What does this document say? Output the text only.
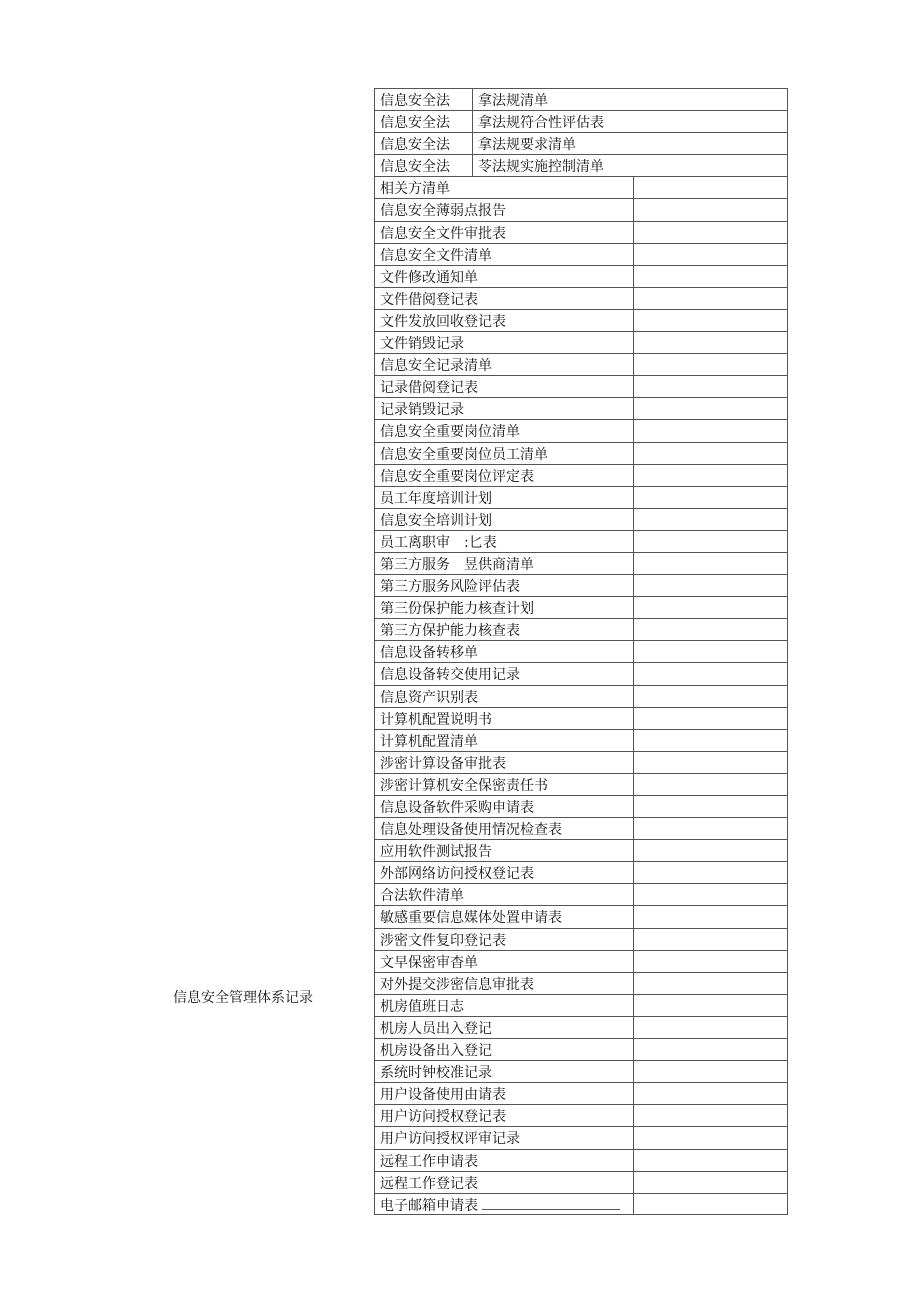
信息安全管理体系记录
信息安全法	拿法规清单
信息安全法	拿法规符合性评估表
信息安全法	拿法规要求清单
信息安全法	苓法规实施控制清单
相关方清单
信息安全薄弱点报告
信息安全文件审批表
信息安全文件清单
文件修改通知单
文件借阅登记表
文件发放回收登记表
文件销毁记录
信息安全记录清单
记录借阅登记表
记录销毁记录
信息安全重要岗位清单
信息安全重要岗位员工清单
信息安全重要岗位评定表
员工年度培训计划
信息安全培训计划
员工离职审　:匕表
第三方服务　昱供商清单
第三方服务风险评估表
第三份保护能力核查计划
第三方保护能力核查表
信息设备转移单
信息设备转交使用记录
信息资产识别表
计算机配置说明书
计算机配置清单
涉密计算设备审批表
涉密计算机安全保密责任书
信息设备软件采购申请表
信息处理设备使用情况检查表
应用软件测试报告
外部网络访问授权登记表
合法软件清单
敏感重要信息媒体处置申请表
涉密文件复印登记表
文早保密审杳单
对外提交涉密信息审批表
机房值班日志
机房人员出入登记
机房设备出入登记
系统时钟校准记录
用户设备使用由请表
用户访问授权登记表
用户访问授权评审记录
远程工作申请表
远程工作登记表
电子邮箱申请表
